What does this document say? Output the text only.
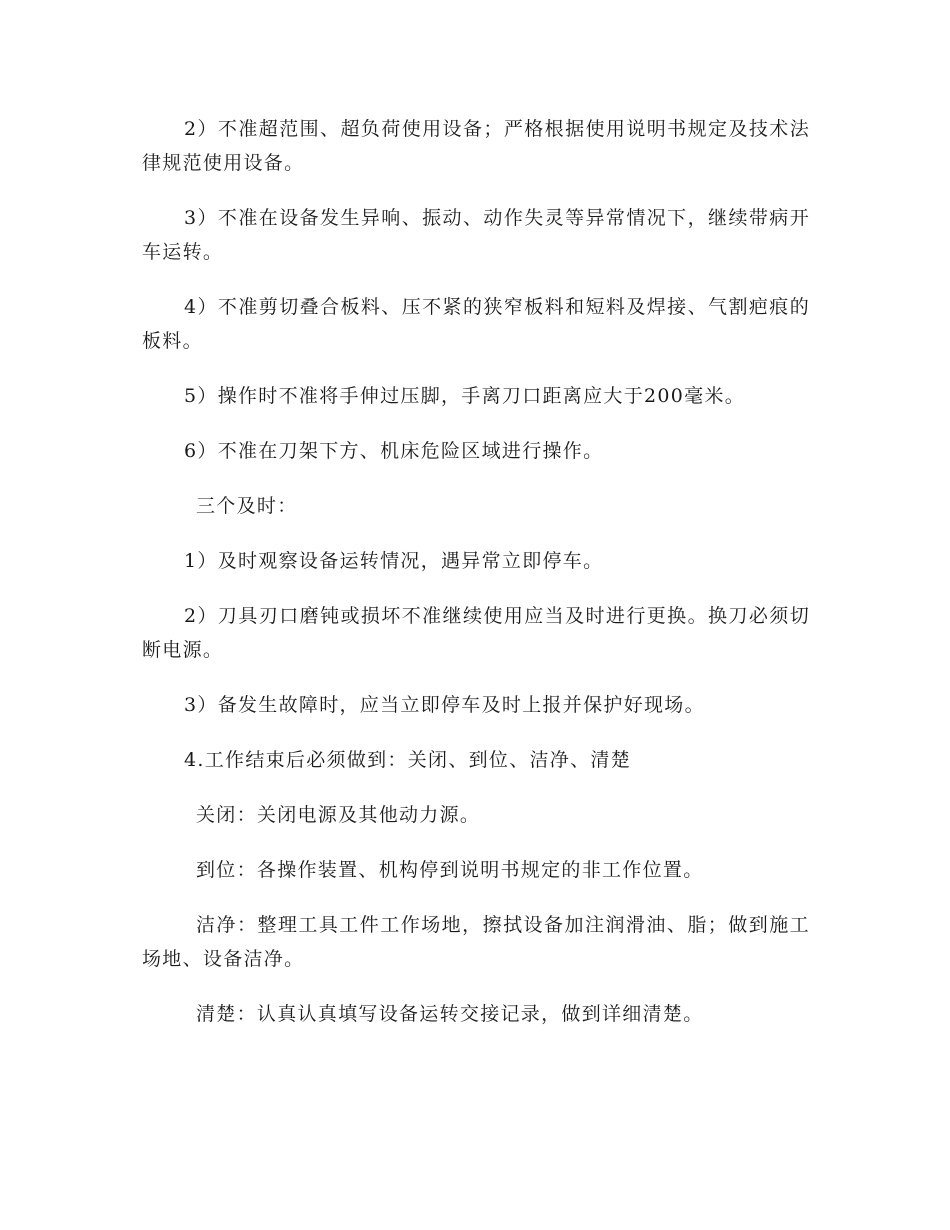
2）不准超范围、超负荷使用设备；严格根据使用说明书规定及技术法律规范使用设备。

3）不准在设备发生异响、振动、动作失灵等异常情况下，继续带病开车运转。

4）不准剪切叠合板料、压不紧的狭窄板料和短料及焊接、气割疤痕的板料。

5）操作时不准将手伸过压脚，手离刀口距离应大于200毫米。

6）不准在刀架下方、机床危险区域进行操作。

三个及时：

1）及时观察设备运转情况，遇异常立即停车。

2）刀具刃口磨钝或损坏不准继续使用应当及时进行更换。换刀必须切断电源。

3）备发生故障时，应当立即停车及时上报并保护好现场。

4.工作结束后必须做到：关闭、到位、洁净、清楚

关闭：关闭电源及其他动力源。

到位：各操作装置、机构停到说明书规定的非工作位置。

洁净：整理工具工件工作场地，擦拭设备加注润滑油、脂；做到施工场地、设备洁净。

清楚：认真认真填写设备运转交接记录，做到详细清楚。
